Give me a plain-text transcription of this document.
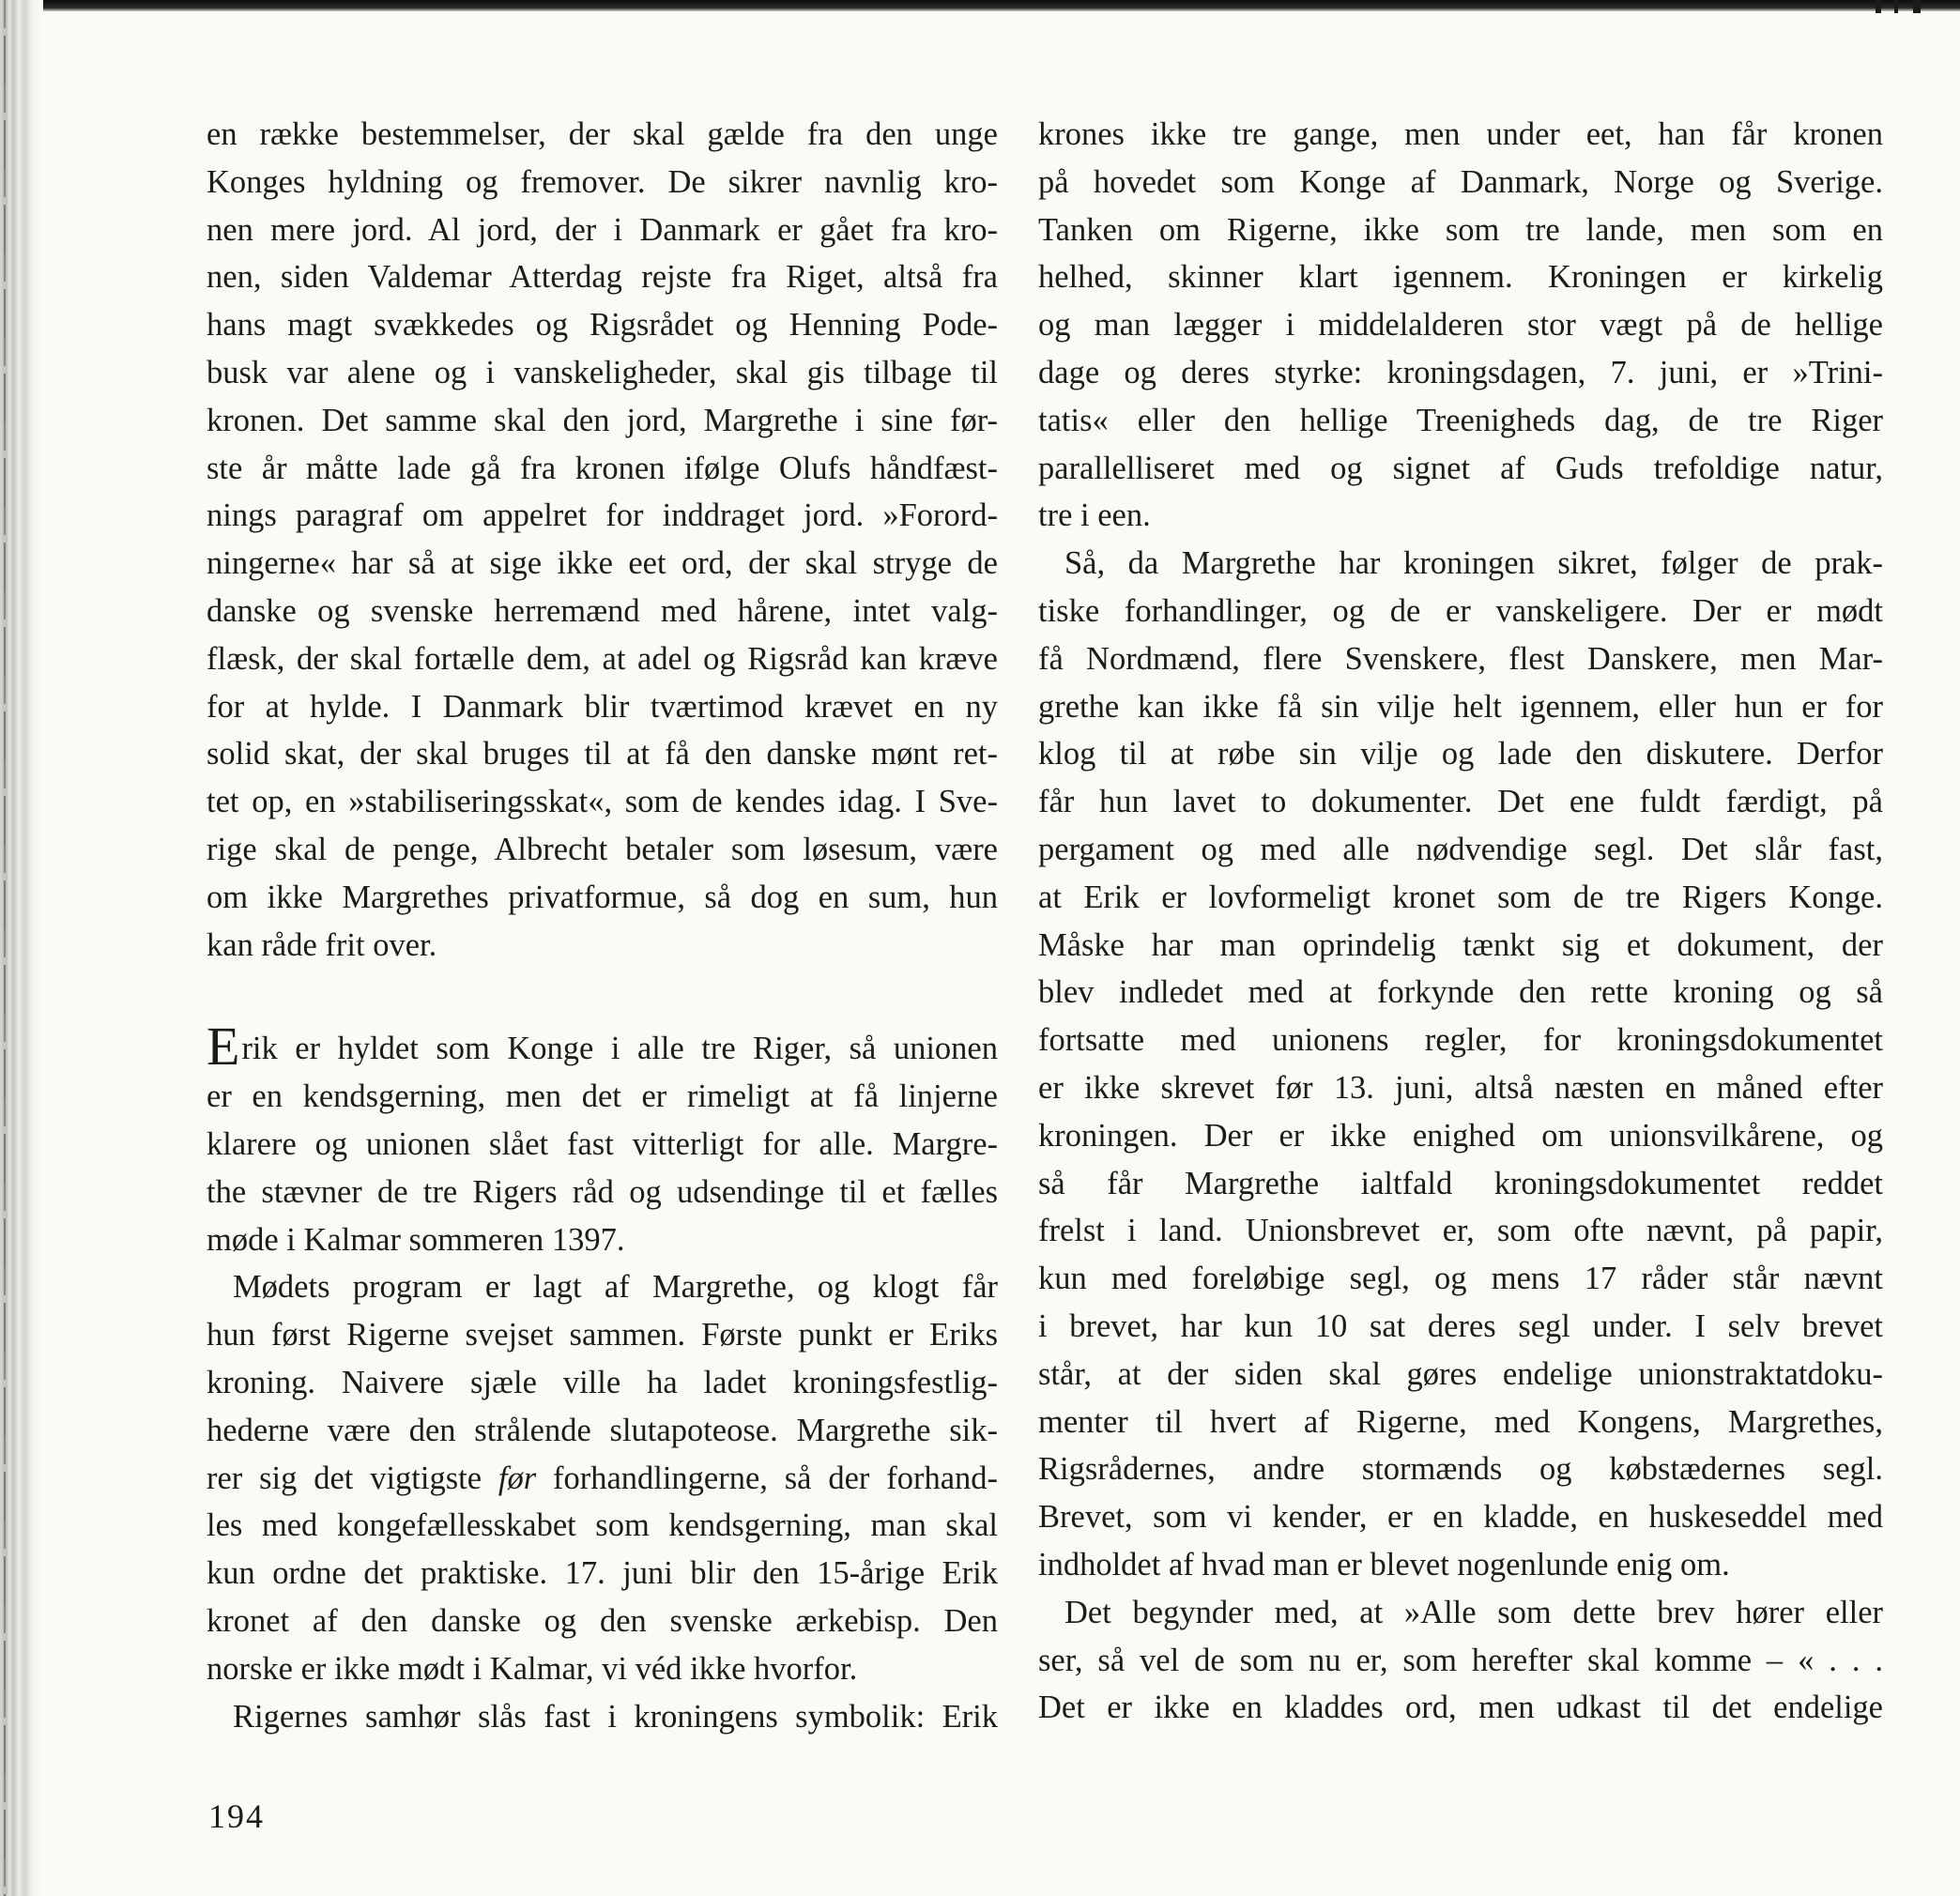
en række bestemmelser, der skal gælde fra den unge
Konges hyldning og fremover. De sikrer navnlig kro-
nen mere jord. Al jord, der i Danmark er gået fra kro-
nen, siden Valdemar Atterdag rejste fra Riget, altså fra
hans magt svækkedes og Rigsrådet og Henning Pode-
busk var alene og i vanskeligheder, skal gis tilbage til
kronen. Det samme skal den jord, Margrethe i sine før-
ste år måtte lade gå fra kronen ifølge Olufs håndfæst-
nings paragraf om appelret for inddraget jord. »Forord-
ningerne« har så at sige ikke eet ord, der skal stryge de
danske og svenske herremænd med hårene, intet valg-
flæsk, der skal fortælle dem, at adel og Rigsråd kan kræve
for at hylde. I Danmark blir tværtimod krævet en ny
solid skat, der skal bruges til at få den danske mønt ret-
tet op, en »stabiliseringsskat«, som de kendes idag. I Sve-
rige skal de penge, Albrecht betaler som løsesum, være
om ikke Margrethes privatformue, så dog en sum, hun
kan råde frit over.
Erik er hyldet som Konge i alle tre Riger, så unionen
er en kendsgerning, men det er rimeligt at få linjerne
klarere og unionen slået fast vitterligt for alle. Margre-
the stævner de tre Rigers råd og udsendinge til et fælles
møde i Kalmar sommeren 1397.
Mødets program er lagt af Margrethe, og klogt får
hun først Rigerne svejset sammen. Første punkt er Eriks
kroning. Naivere sjæle ville ha ladet kroningsfestlig-
hederne være den strålende slutapoteose. Margrethe sik-
rer sig det vigtigste før forhandlingerne, så der forhand-
les med kongefællesskabet som kendsgerning, man skal
kun ordne det praktiske. 17. juni blir den 15-årige Erik
kronet af den danske og den svenske ærkebisp. Den
norske er ikke mødt i Kalmar, vi véd ikke hvorfor.
Rigernes samhør slås fast i kroningens symbolik: Erik
krones ikke tre gange, men under eet, han får kronen
på hovedet som Konge af Danmark, Norge og Sverige.
Tanken om Rigerne, ikke som tre lande, men som en
helhed, skinner klart igennem. Kroningen er kirkelig
og man lægger i middelalderen stor vægt på de hellige
dage og deres styrke: kroningsdagen, 7. juni, er »Trini-
tatis« eller den hellige Treenigheds dag, de tre Riger
parallelliseret med og signet af Guds trefoldige natur,
tre i een.
Så, da Margrethe har kroningen sikret, følger de prak-
tiske forhandlinger, og de er vanskeligere. Der er mødt
få Nordmænd, flere Svenskere, flest Danskere, men Mar-
grethe kan ikke få sin vilje helt igennem, eller hun er for
klog til at røbe sin vilje og lade den diskutere. Derfor
får hun lavet to dokumenter. Det ene fuldt færdigt, på
pergament og med alle nødvendige segl. Det slår fast,
at Erik er lovformeligt kronet som de tre Rigers Konge.
Måske har man oprindelig tænkt sig et dokument, der
blev indledet med at forkynde den rette kroning og så
fortsatte med unionens regler, for kroningsdokumentet
er ikke skrevet før 13. juni, altså næsten en måned efter
kroningen. Der er ikke enighed om unionsvilkårene, og
så får Margrethe ialtfald kroningsdokumentet reddet
frelst i land. Unionsbrevet er, som ofte nævnt, på papir,
kun med foreløbige segl, og mens 17 råder står nævnt
i brevet, har kun 10 sat deres segl under. I selv brevet
står, at der siden skal gøres endelige unionstraktatdoku-
menter til hvert af Rigerne, med Kongens, Margrethes,
Rigsrådernes, andre stormænds og købstædernes segl.
Brevet, som vi kender, er en kladde, en huskeseddel med
indholdet af hvad man er blevet nogenlunde enig om.
Det begynder med, at »Alle som dette brev hører eller
ser, så vel de som nu er, som herefter skal komme – « . . .
Det er ikke en kladdes ord, men udkast til det endelige
194
